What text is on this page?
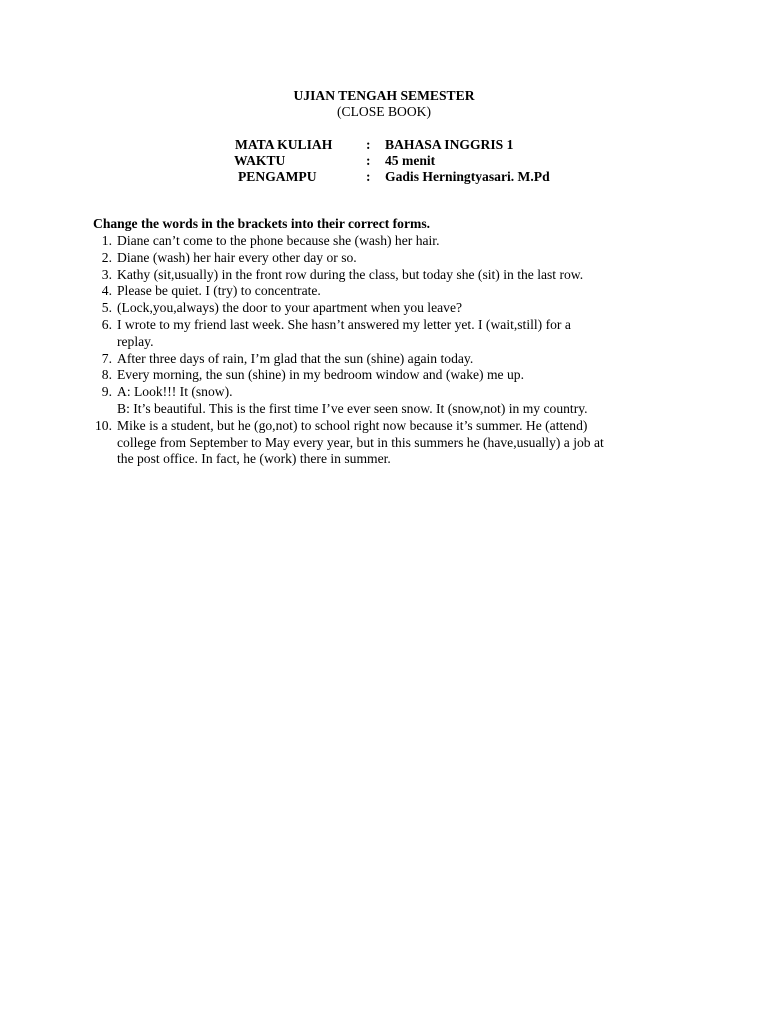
UJIAN TENGAH SEMESTER
(CLOSE BOOK)
MATA KULIAH : BAHASA INGGRIS 1
WAKTU	: 45 menit
PENGAMPU	: Gadis Herningtyasari. M.Pd
Change the words in the brackets into their correct forms.
1. Diane can’t come to the phone because she (wash) her hair.
2. Diane (wash) her hair every other day or so.
3. Kathy (sit,usually) in the front row during the class, but today she (sit) in the last row.
4. Please be quiet. I (try) to concentrate.
5. (Lock,you,always) the door to your apartment when you leave?
6. I wrote to my friend last week. She hasn’t answered my letter yet. I (wait,still) for a
replay.
7. After three days of rain, I’m glad that the sun (shine) again today.
8. Every morning, the sun (shine) in my bedroom window and (wake) me up.
9. A: Look!!! It (snow).
B: It’s beautiful. This is the first time I’ve ever seen snow. It (snow,not) in my country.
10. Mike is a student, but he (go,not) to school right now because it’s summer. He (attend)
college from September to May every year, but in this summers he (have,usually) a job at
the post office. In fact, he (work) there in summer.
